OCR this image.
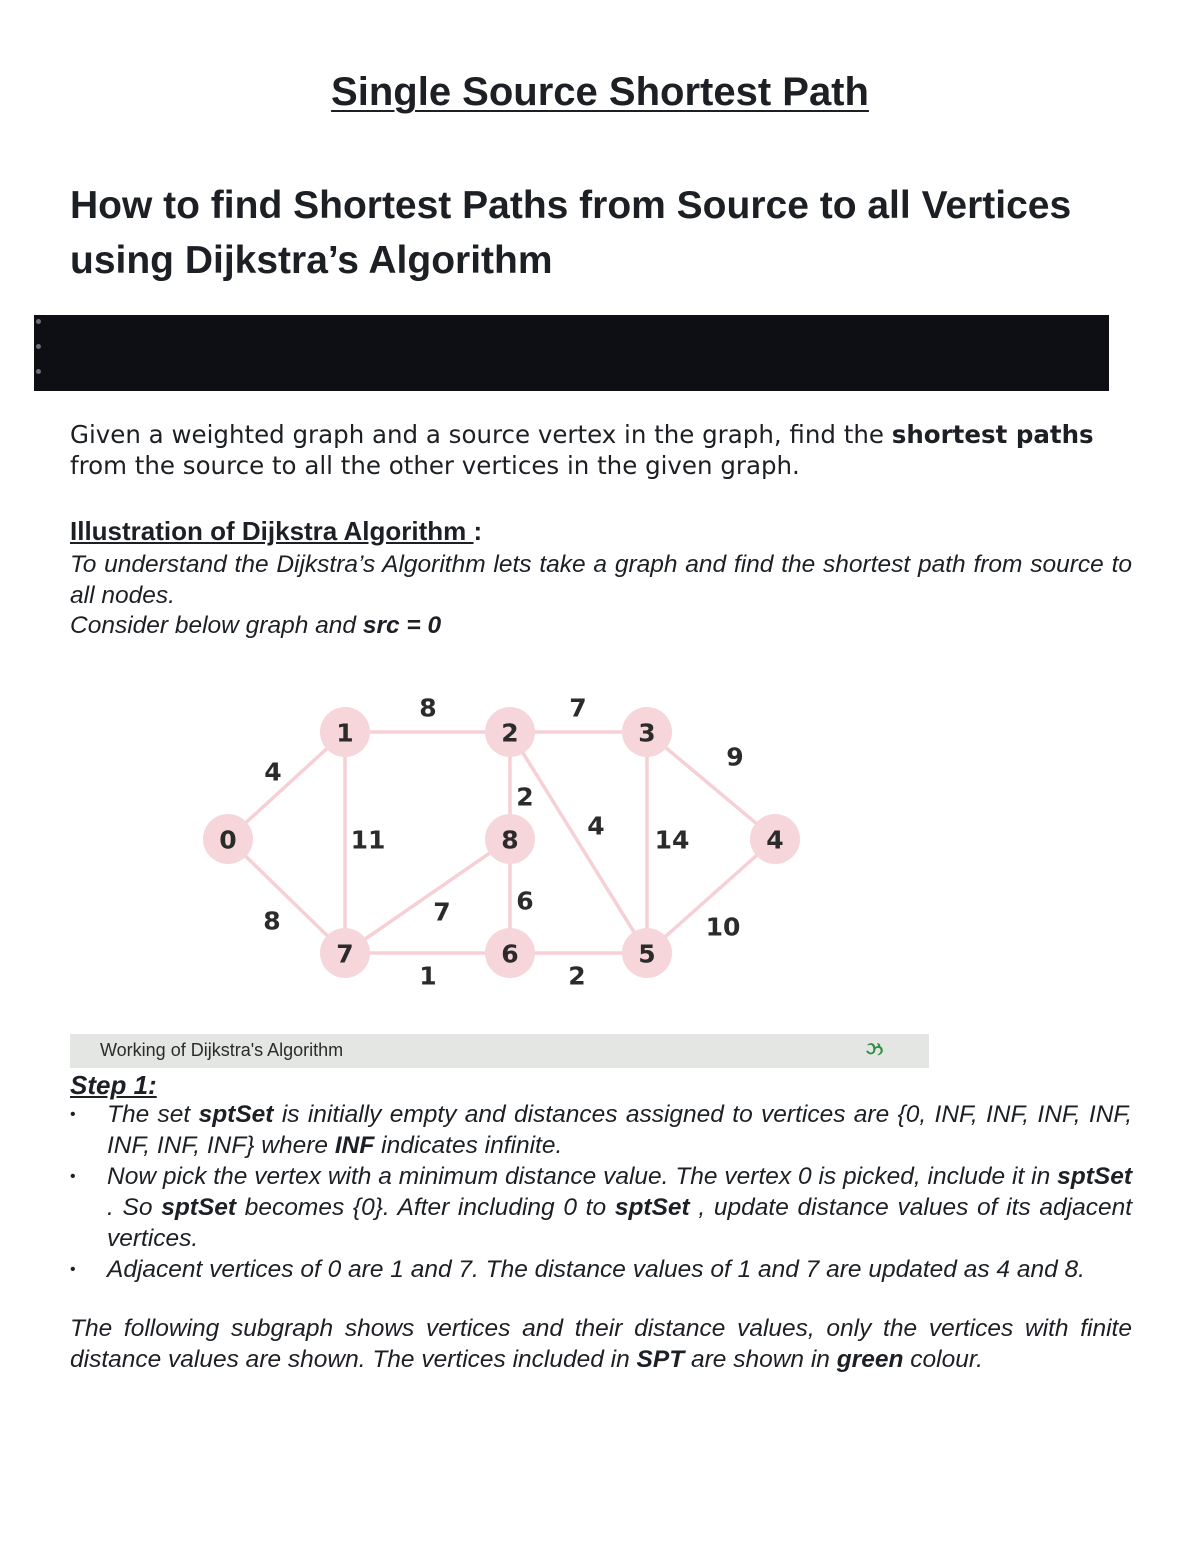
Single Source Shortest Path
How to find Shortest Paths from Source to all Vertices using Dijkstra’s Algorithm
Given a weighted graph and a source vertex in the graph, find the shortest paths from the source to all the other vertices in the given graph.
Illustration of Dijkstra Algorithm :
To understand the Dijkstra’s Algorithm lets take a graph and find the shortest path from source to all nodes.
Consider below graph and src = 0
4
8
8
11
7
2
4
9
14
10
2
1
6
7
0
1	2	3
4
5
6
7
8
Working of Dijkstra's Algorithm	ઝ
Step 1:
• The set sptSet is initially empty and distances assigned to vertices are {0, INF, INF, INF, INF, INF, INF, INF} where INF indicates infinite.
• Now pick the vertex with a minimum distance value. The vertex 0 is picked, include it in sptSet . So sptSet becomes {0}. After including 0 to sptSet , update distance values of its adjacent vertices.
• Adjacent vertices of 0 are 1 and 7. The distance values of 1 and 7 are updated as 4 and 8.
The following subgraph shows vertices and their distance values, only the vertices with finite distance values are shown. The vertices included in SPT are shown in green colour.
